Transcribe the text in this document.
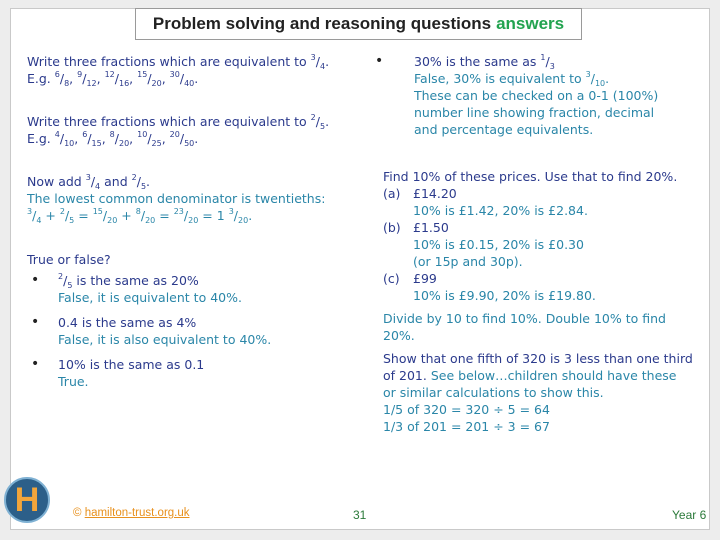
Problem solving and reasoning questions answers

Write three fractions which are equivalent to $^3/_4$.

E.g. $^6/_8$, $^9/_{12}$, $^{12}/_{16}$, $^{15}/_{20}$, $^{30}/_{40}$.

Write three fractions which are equivalent to $^2/_5$.

E.g. $^4/_{10}$, $^6/_{15}$, $^8/_{20}$, $^{10}/_{25}$, $^{20}/_{50}$.

Now add $^3/_4$ and $^2/_5$.

The lowest common denominator is twentieths:

$^3/_4 + ^2/_5 = ^{15}/_{20} + ^8/_{20} = ^{23}/_{20} = 1$ $^3/_{20}$.

True or false?

• $^2/_5$ is the same as 20%
False, it is equivalent to 40%.
• 0.4 is the same as 4%
False, it is also equivalent to 40%.
• 10% is the same as 0.1
True.

• 30% is the same as $^1/_3$

False, 30% is equivalent to $^3/_{10}$.

These can be checked on a 0-1 (100%)

number line showing fraction, decimal

and percentage equivalents.

Find 10% of these prices. Use that to find 20%.

(a) £14.20

10% is £1.42, 20% is £2.84.

(b) £1.50

10% is £0.15, 20% is £0.30

(or 15p and 30p).

(c) £99

10% is £9.90, 20% is £19.80.

Divide by 10 to find 10%. Double 10% to find 20%.

Show that one fifth of 320 is 3 less than one third of 201. See below…children should have these or similar calculations to show this.

1/5 of 320 = 320 ÷ 5 = 64

1/3 of 201 = 201 ÷ 3 = 67

H	© hamilton-trust.org.uk	31	Year 6
